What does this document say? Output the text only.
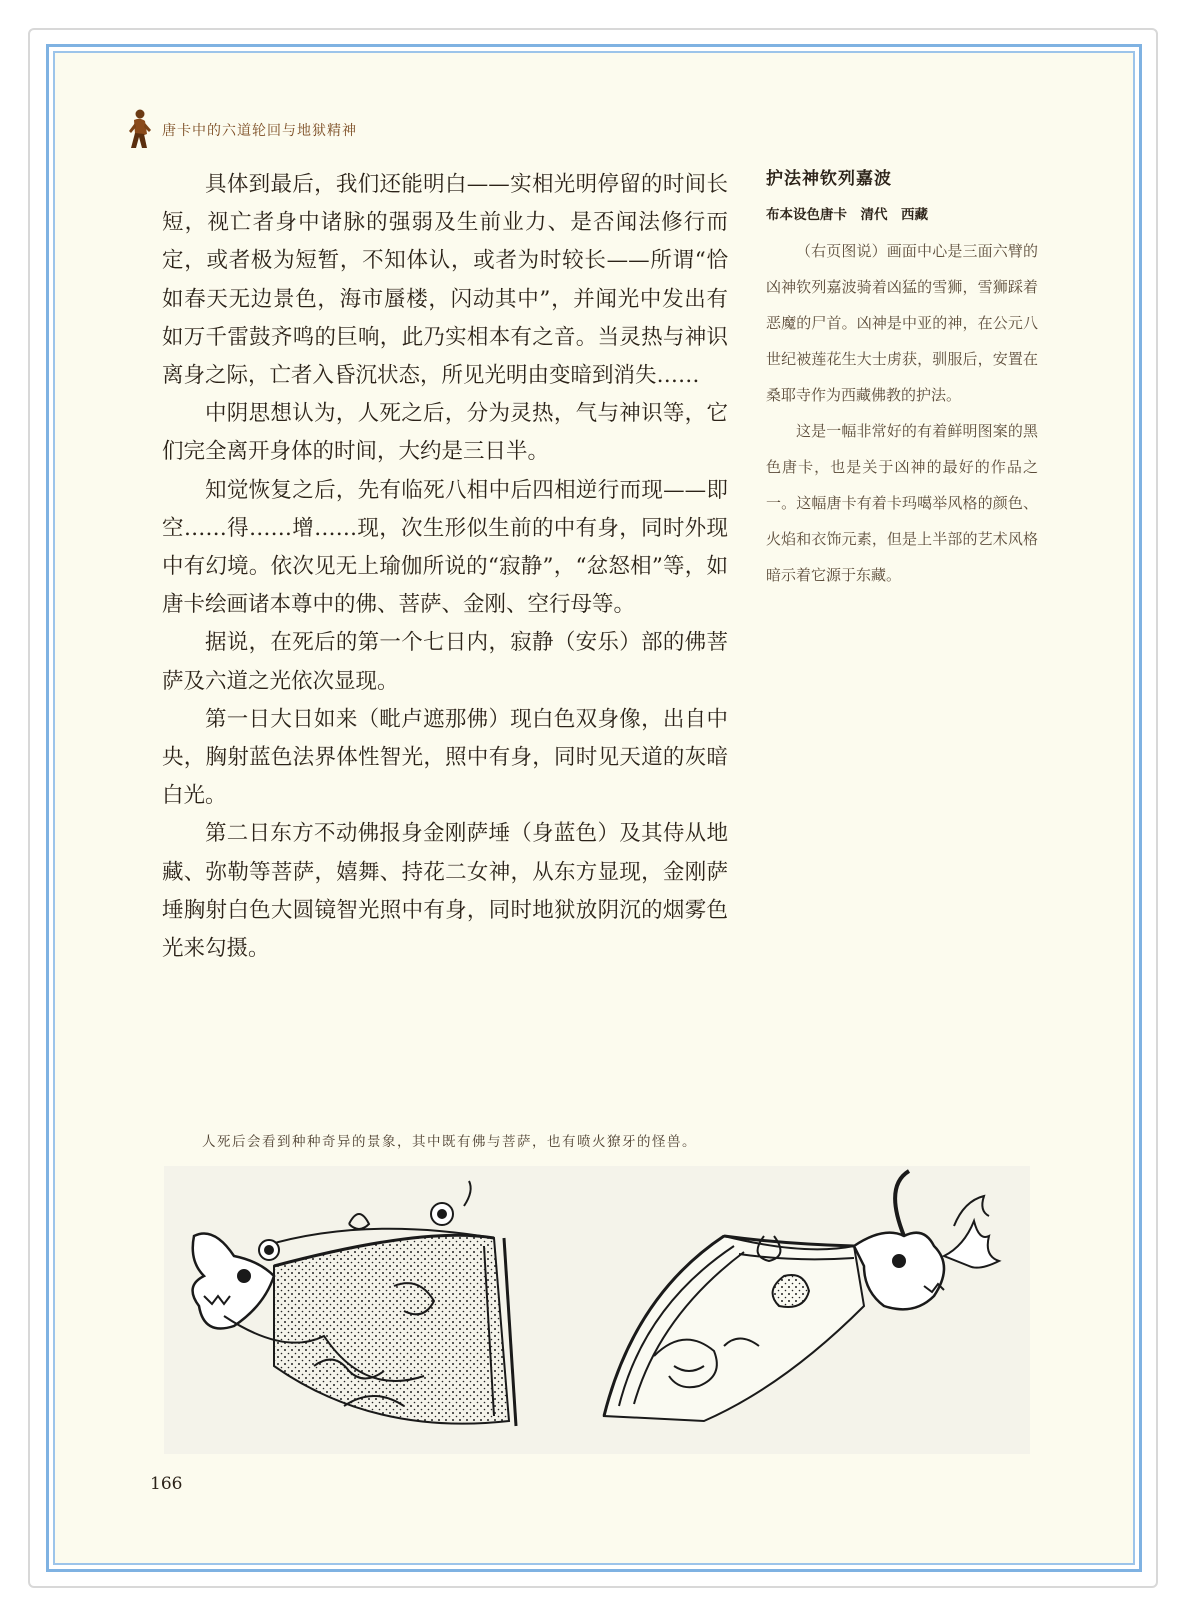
唐卡中的六道轮回与地狱精神

具体到最后，我们还能明白——实相光明停留的时间长短，视亡者身中诸脉的强弱及生前业力、是否闻法修行而定，或者极为短暂，不知体认，或者为时较长——所谓“恰如春天无边景色，海市蜃楼，闪动其中”，并闻光中发出有如万千雷鼓齐鸣的巨响，此乃实相本有之音。当灵热与神识离身之际，亡者入昏沉状态，所见光明由变暗到消失……

中阴思想认为，人死之后，分为灵热，气与神识等，它们完全离开身体的时间，大约是三日半。

知觉恢复之后，先有临死八相中后四相逆行而现——即空……得……增……现，次生形似生前的中有身，同时外现中有幻境。依次见无上瑜伽所说的“寂静”，“忿怒相”等，如唐卡绘画诸本尊中的佛、菩萨、金刚、空行母等。

据说，在死后的第一个七日内，寂静（安乐）部的佛菩萨及六道之光依次显现。

第一日大日如来（毗卢遮那佛）现白色双身像，出自中央，胸射蓝色法界体性智光，照中有身，同时见天道的灰暗白光。

第二日东方不动佛报身金刚萨埵（身蓝色）及其侍从地藏、弥勒等菩萨，嬉舞、持花二女神，从东方显现，金刚萨埵胸射白色大圆镜智光照中有身，同时地狱放阴沉的烟雾色光来勾摄。

护法神钦列嘉波
布本设色唐卡　清代　西藏

（右页图说）画面中心是三面六臂的凶神钦列嘉波骑着凶猛的雪狮，雪狮踩着恶魔的尸首。凶神是中亚的神，在公元八世纪被莲花生大士虏获，驯服后，安置在桑耶寺作为西藏佛教的护法。

这是一幅非常好的有着鲜明图案的黑色唐卡，也是关于凶神的最好的作品之一。这幅唐卡有着卡玛噶举风格的颜色、火焰和衣饰元素，但是上半部的艺术风格暗示着它源于东藏。

人死后会看到种种奇异的景象，其中既有佛与菩萨，也有喷火獠牙的怪兽。
166
